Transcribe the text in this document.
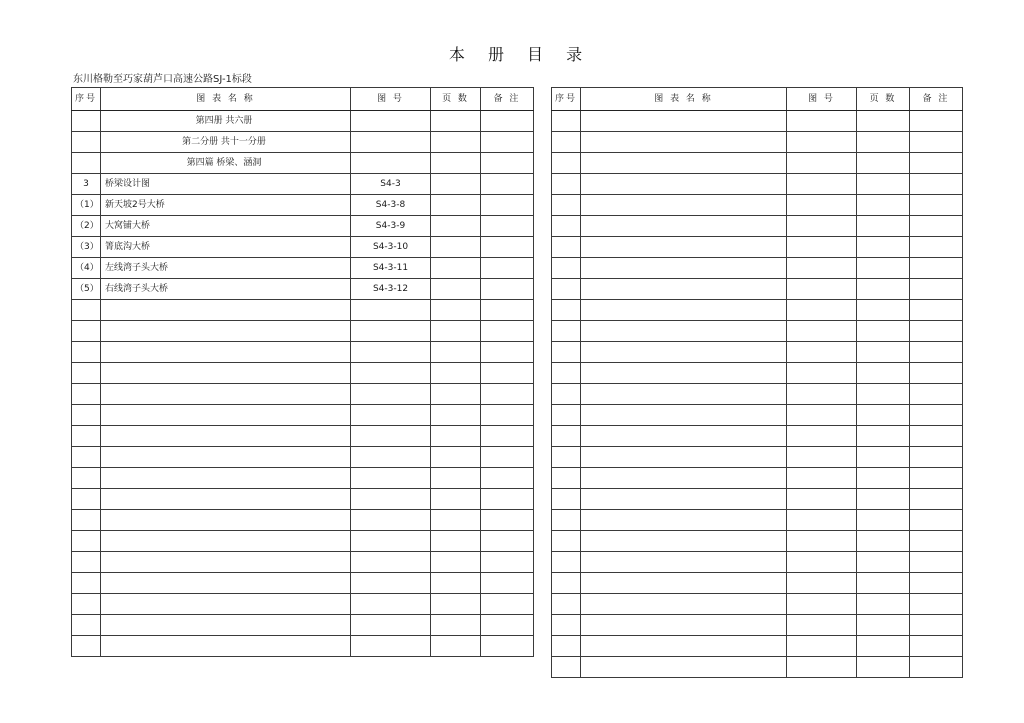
本 册 目 录
东川格勒至巧家葫芦口高速公路SJ-1标段
序号	图 表 名 称	图 号	页 数	备 注
	第四册 共六册			
	第二分册 共十一分册			
	第四篇 桥梁、涵洞			
3	桥梁设计图	S4-3		
（1）	新天坡2号大桥	S4-3-8		
（2）	大窝铺大桥	S4-3-9		
（3）	箐底沟大桥	S4-3-10		
（4）	左线湾子头大桥	S4-3-11		
（5）	右线湾子头大桥	S4-3-12		

序号	图 表 名 称	图 号	页 数	备 注
